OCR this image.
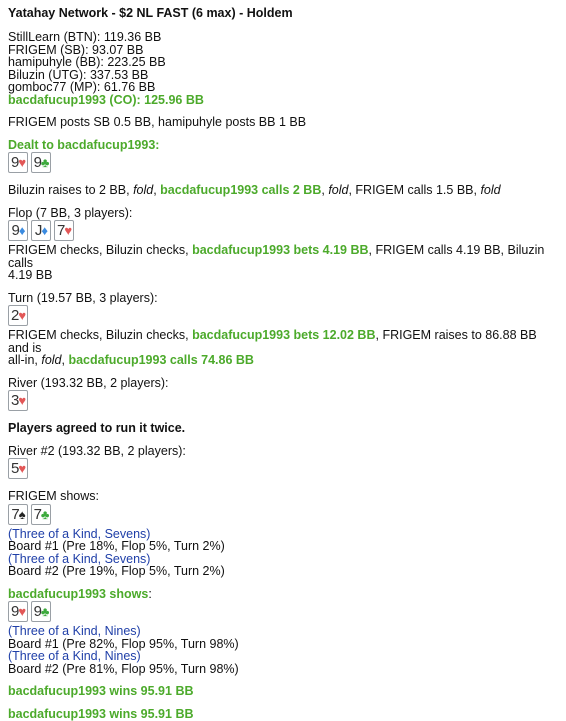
Yatahay Network - $2 NL FAST (6 max) - Holdem
StillLearn (BTN): 119.36 BB
FRIGEM (SB): 93.07 BB
hamipuhyle (BB): 223.25 BB
Biluzin (UTG): 337.53 BB
gomboc77 (MP): 61.76 BB
bacdafucup1993 (CO): 125.96 BB
FRIGEM posts SB 0.5 BB, hamipuhyle posts BB 1 BB
Dealt to bacdafucup1993:
9 ♥ 9 ♣
Biluzin raises to 2 BB, fold, bacdafucup1993 calls 2 BB, fold, FRIGEM calls 1.5 BB, fold
Flop (7 BB, 3 players):
9 ♦ J ♦ 7 ♥
FRIGEM checks, Biluzin checks, bacdafucup1993 bets 4.19 BB, FRIGEM calls 4.19 BB, Biluzin calls
4.19 BB
Turn (19.57 BB, 3 players):
2 ♥
FRIGEM checks, Biluzin checks, bacdafucup1993 bets 12.02 BB, FRIGEM raises to 86.88 BB and is
all-in, fold, bacdafucup1993 calls 74.86 BB
River (193.32 BB, 2 players):
3 ♥
Players agreed to run it twice.
River #2 (193.32 BB, 2 players):
5 ♥
FRIGEM shows:
7 ♠ 7 ♣
(Three of a Kind, Sevens)
Board #1 (Pre 18%, Flop 5%, Turn 2%)
(Three of a Kind, Sevens)
Board #2 (Pre 19%, Flop 5%, Turn 2%)
bacdafucup1993 shows:
9 ♥ 9 ♣
(Three of a Kind, Nines)
Board #1 (Pre 82%, Flop 95%, Turn 98%)
(Three of a Kind, Nines)
Board #2 (Pre 81%, Flop 95%, Turn 98%)
bacdafucup1993 wins 95.91 BB
bacdafucup1993 wins 95.91 BB
